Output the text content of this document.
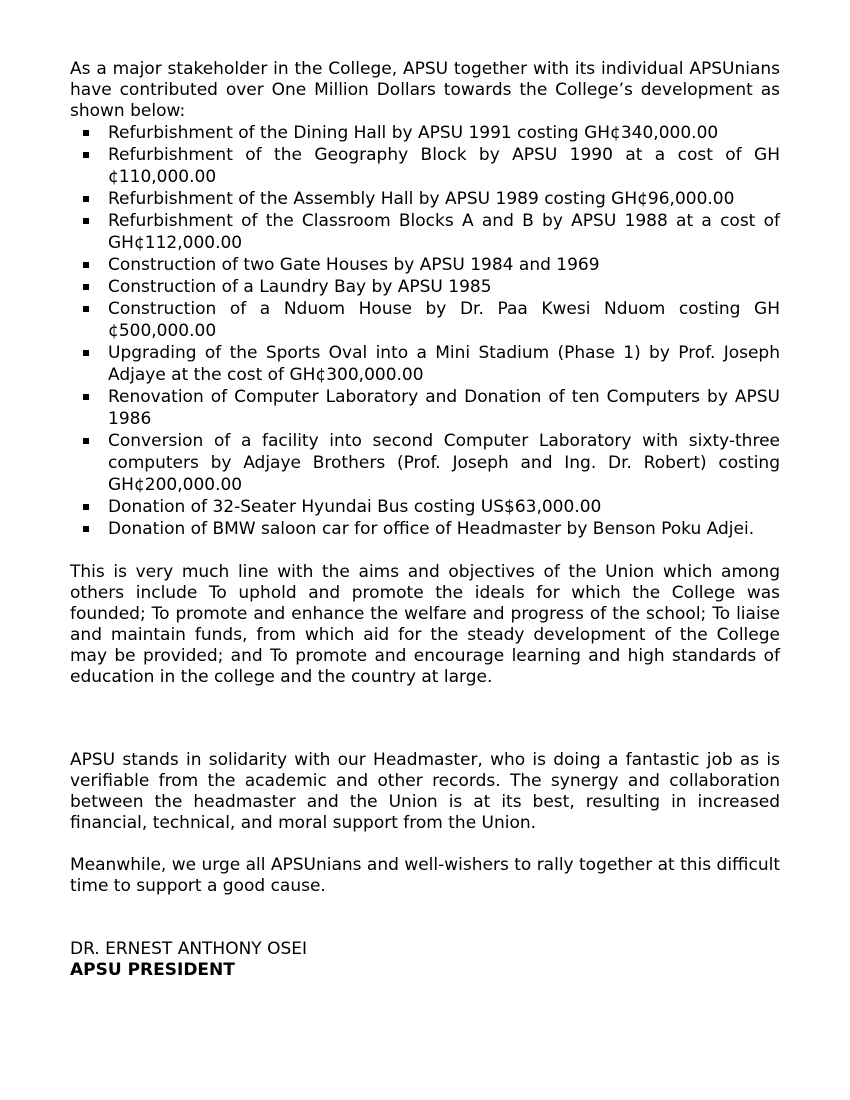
As a major stakeholder in the College, APSU together with its individual APSUnians have contributed over One Million Dollars towards the College’s development as shown below:

Refurbishment of the Dining Hall by APSU 1991 costing GH¢340,000.00
Refurbishment of the Geography Block by APSU 1990 at a cost of GH ¢110,000.00
Refurbishment of the Assembly Hall by APSU 1989 costing GH¢96,000.00
Refurbishment of the Classroom Blocks A and B by APSU 1988 at a cost of GH¢112,000.00
Construction of two Gate Houses by APSU 1984 and 1969
Construction of a Laundry Bay by APSU 1985
Construction of a Nduom House by Dr. Paa Kwesi Nduom costing GH ¢500,000.00
Upgrading of the Sports Oval into a Mini Stadium (Phase 1) by Prof. Joseph Adjaye at the cost of GH¢300,000.00
Renovation of Computer Laboratory and Donation of ten Computers by APSU 1986
Conversion of a facility into second Computer Laboratory with sixty-three computers by Adjaye Brothers (Prof. Joseph and Ing. Dr. Robert) costing GH¢200,000.00
Donation of 32-Seater Hyundai Bus costing US$63,000.00
Donation of BMW saloon car for office of Headmaster by Benson Poku Adjei.

This is very much line with the aims and objectives of the Union which among others include To uphold and promote the ideals for which the College was founded; To promote and enhance the welfare and progress of the school; To liaise and maintain funds, from which aid for the steady development of the College may be provided; and To promote and encourage learning and high standards of education in the college and the country at large.

APSU stands in solidarity with our Headmaster, who is doing a fantastic job as is verifiable from the academic and other records. The synergy and collaboration between the headmaster and the Union is at its best, resulting in increased financial, technical, and moral support from the Union.

Meanwhile, we urge all APSUnians and well-wishers to rally together at this difficult time to support a good cause.

DR. ERNEST ANTHONY OSEI

APSU PRESIDENT
